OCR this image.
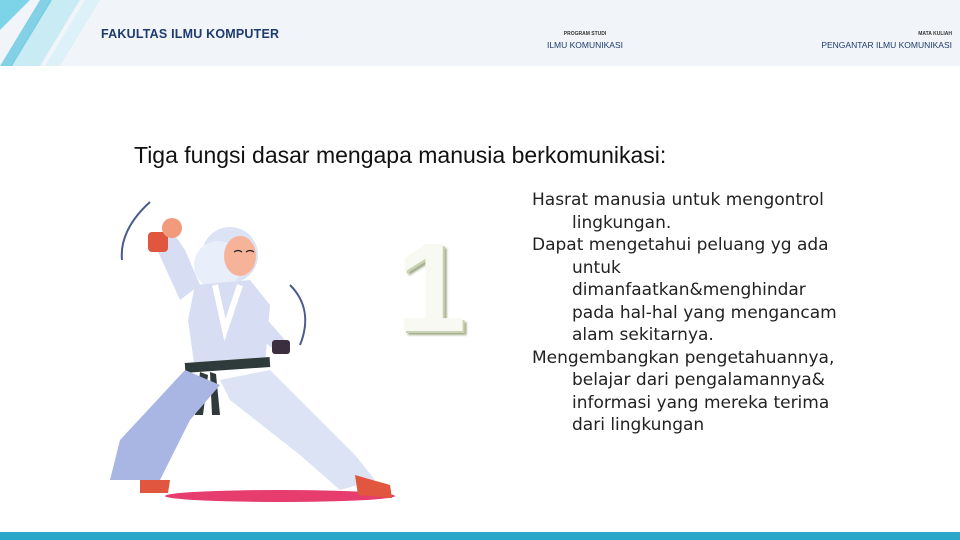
FAKULTAS ILMU KOMPUTER	PROGRAM STUDI
ILMU KOMUNIKASI
MATA KULIAH
PENGANTAR ILMU KOMUNIKASI
Tiga fungsi dasar mengapa manusia berkomunikasi:
1
Hasrat manusia untuk mengontrol lingkungan.
Dapat mengetahui peluang yg ada untuk dimanfaatkan&menghindar pada hal-hal yang mengancam alam sekitarnya.
Mengembangkan pengetahuannya, belajar dari pengalamannya& informasi yang mereka terima dari lingkungan
